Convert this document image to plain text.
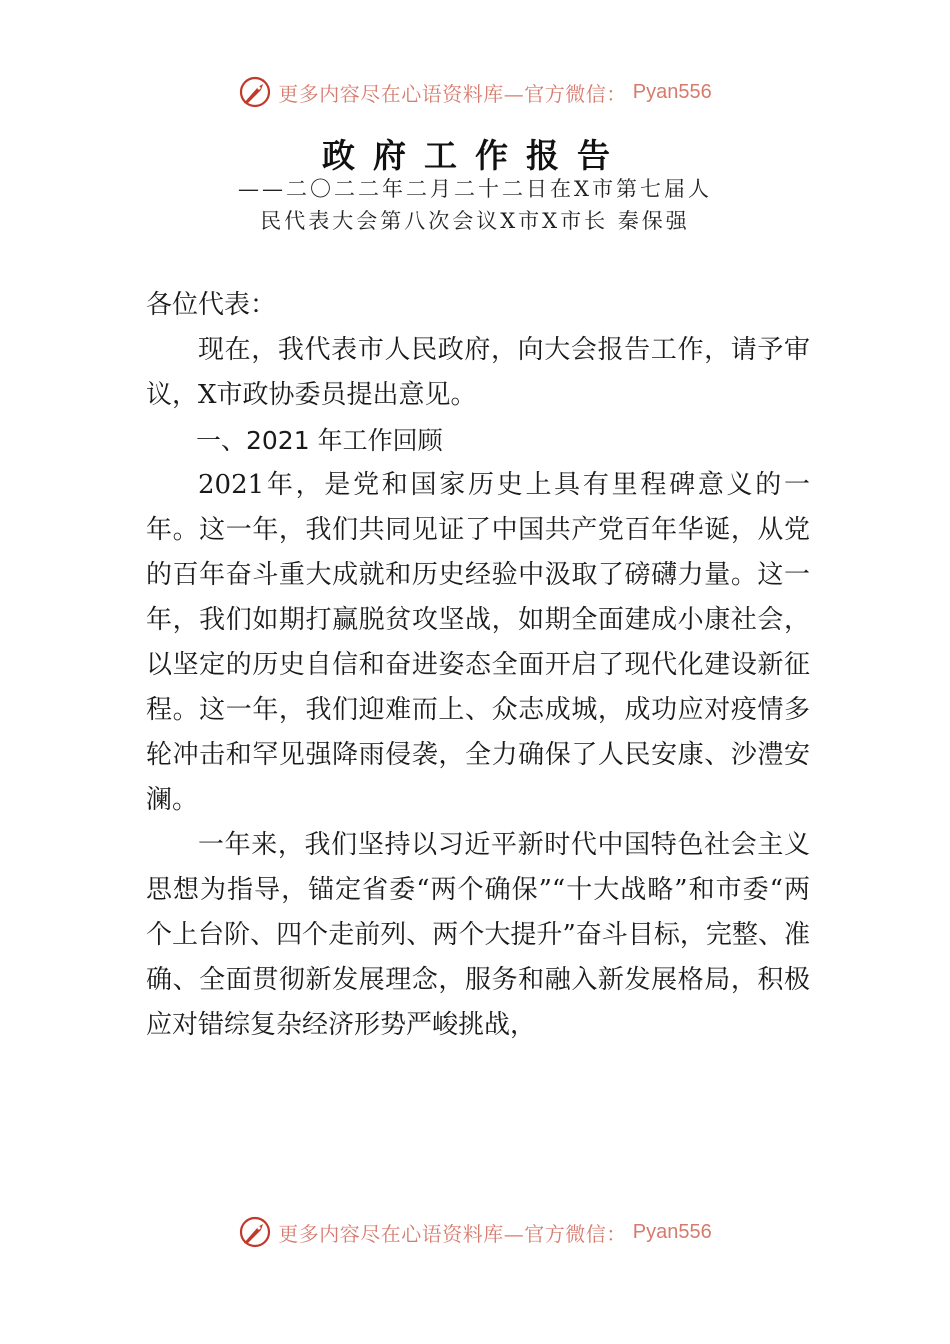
更多内容尽在心语资料库—官方微信： Pyan556
政府工作报告
——二〇二二年二月二十二日在X市第七届人
民代表大会第八次会议X市X市长 秦保强

各位代表：

现在，我代表市人民政府，向大会报告工作，请予审议，X市政协委员提出意见。

一、2021 年工作回顾

2021年，是党和国家历史上具有里程碑意义的一年。这一年，我们共同见证了中国共产党百年华诞，从党的百年奋斗重大成就和历史经验中汲取了磅礴力量。这一年，我们如期打赢脱贫攻坚战，如期全面建成小康社会，以坚定的历史自信和奋进姿态全面开启了现代化建设新征程。这一年，我们迎难而上、众志成城，成功应对疫情多轮冲击和罕见强降雨侵袭，全力确保了人民安康、沙澧安澜。

一年来，我们坚持以习近平新时代中国特色社会主义思想为指导，锚定省委“两个确保”“十大战略”和市委“两个上台阶、四个走前列、两个大提升”奋斗目标，完整、准确、全面贯彻新发展理念，服务和融入新发展格局，积极应对错综复杂经济形势严峻挑战，

更多内容尽在心语资料库—官方微信： Pyan556
